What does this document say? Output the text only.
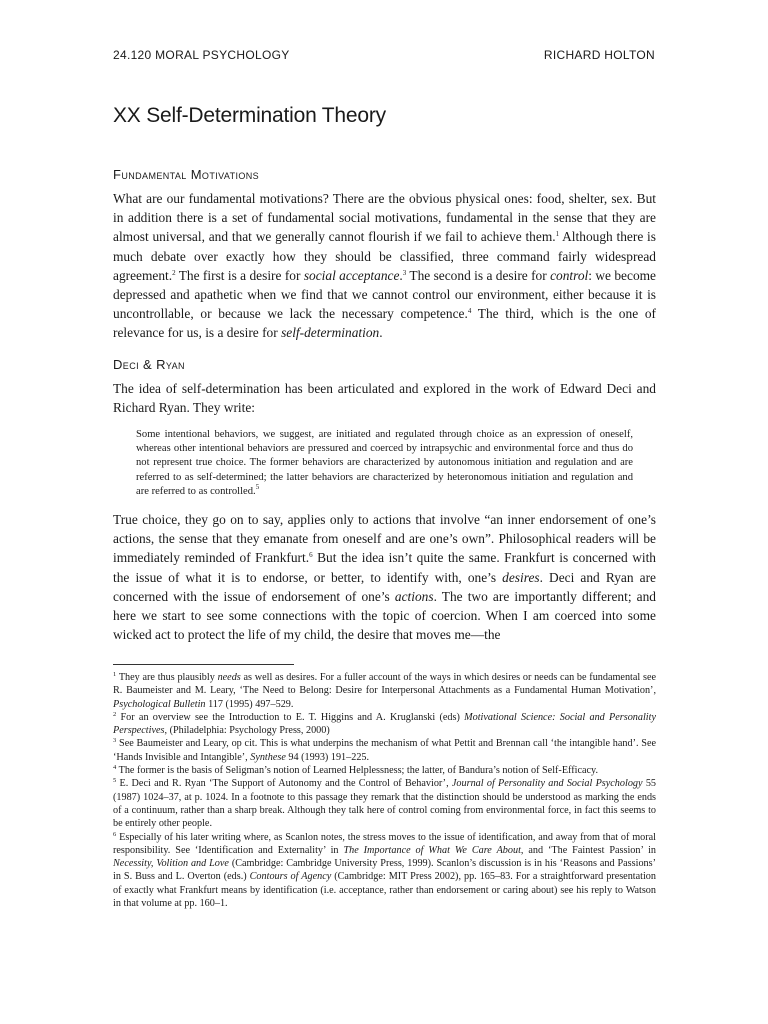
24.120 MORAL PSYCHOLOGY	RICHARD HOLTON
XX Self-Determination Theory
Fundamental Motivations

What are our fundamental motivations? There are the obvious physical ones: food, shelter, sex. But in addition there is a set of fundamental social motivations, fundamental in the sense that they are almost universal, and that we generally cannot flourish if we fail to achieve them.$^1$ Although there is much debate over exactly how they should be classified, three command fairly widespread agreement.$^2$ The first is a desire for social acceptance.$^3$ The second is a desire for control: we become depressed and apathetic when we find that we cannot control our environment, either because it is uncontrollable, or because we lack the necessary competence.$^4$ The third, which is the one of relevance for us, is a desire for self-determination.

Deci & Ryan

The idea of self-determination has been articulated and explored in the work of Edward Deci and Richard Ryan. They write:

Some intentional behaviors, we suggest, are initiated and regulated through choice as an expression of oneself, whereas other intentional behaviors are pressured and coerced by intrapsychic and environmental force and thus do not represent true choice. The former behaviors are characterized by autonomous initiation and regulation and are referred to as self-determined; the latter behaviors are characterized by heteronomous initiation and regulation and are referred to as controlled.$^5$

True choice, they go on to say, applies only to actions that involve “an inner endorsement of one’s actions, the sense that they emanate from oneself and are one’s own”. Philosophical readers will be immediately reminded of Frankfurt.$^6$ But the idea isn’t quite the same. Frankfurt is concerned with the issue of what it is to endorse, or better, to identify with, one’s desires. Deci and Ryan are concerned with the issue of endorsement of one’s actions. The two are importantly different; and here we start to see some connections with the topic of coercion. When I am coerced into some wicked act to protect the life of my child, the desire that moves me—the

$^1$ They are thus plausibly needs as well as desires. For a fuller account of the ways in which desires or needs can be fundamental see R. Baumeister and M. Leary, ‘The Need to Belong: Desire for Interpersonal Attachments as a Fundamental Human Motivation’, Psychological Bulletin 117 (1995) 497–529.

$^2$ For an overview see the Introduction to E. T. Higgins and A. Kruglanski (eds) Motivational Science: Social and Personality Perspectives, (Philadelphia: Psychology Press, 2000)

$^3$ See Baumeister and Leary, op cit. This is what underpins the mechanism of what Pettit and Brennan call ‘the intangible hand’. See ‘Hands Invisible and Intangible’, Synthese 94 (1993) 191–225.

$^4$ The former is the basis of Seligman’s notion of Learned Helplessness; the latter, of Bandura’s notion of Self-Efficacy.

$^5$ E. Deci and R. Ryan ‘The Support of Autonomy and the Control of Behavior’, Journal of Personality and Social Psychology 55 (1987) 1024–37, at p. 1024. In a footnote to this passage they remark that the distinction should be understood as marking the ends of a continuum, rather than a sharp break. Although they talk here of control coming from environmental force, in fact this seems to be entirely other people.

$^6$ Especially of his later writing where, as Scanlon notes, the stress moves to the issue of identification, and away from that of moral responsibility. See ‘Identification and Externality’ in The Importance of What We Care About, and ‘The Faintest Passion’ in Necessity, Volition and Love (Cambridge: Cambridge University Press, 1999). Scanlon’s discussion is in his ‘Reasons and Passions’ in S. Buss and L. Overton (eds.) Contours of Agency (Cambridge: MIT Press 2002), pp. 165–83. For a straightforward presentation of exactly what Frankfurt means by identification (i.e. acceptance, rather than endorsement or caring about) see his reply to Watson in that volume at pp. 160–1.
